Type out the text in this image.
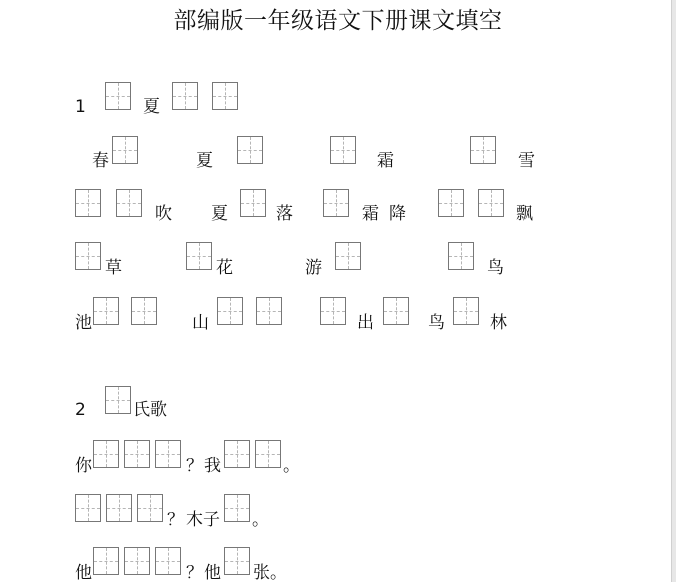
部编版一年级语文下册课文填空
1	夏
春	夏	霜	雪
吹 夏	落	霜 降	飘
草	花	游	鸟
池	山	出	鸟	林
2	氏歌
你	？ 我	。
？ 木子 。
他	？ 他 张。
